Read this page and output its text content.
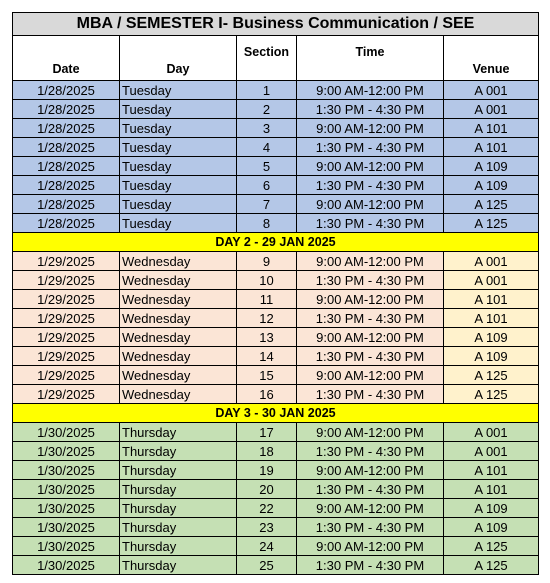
MBA / SEMESTER I- Business Communication / SEE				
Date	Day	Section	Time	Venue
1/28/2025	Tuesday	1	9:00 AM-12:00 PM	A 001
1/28/2025	Tuesday	2	1:30 PM - 4:30 PM	A 001
1/28/2025	Tuesday	3	9:00 AM-12:00 PM	A 101
1/28/2025	Tuesday	4	1:30 PM - 4:30 PM	A 101
1/28/2025	Tuesday	5	9:00 AM-12:00 PM	A 109
1/28/2025	Tuesday	6	1:30 PM - 4:30 PM	A 109
1/28/2025	Tuesday	7	9:00 AM-12:00 PM	A 125
1/28/2025	Tuesday	8	1:30 PM - 4:30 PM	A 125
DAY 2 - 29 JAN 2025				
1/29/2025	Wednesday	9	9:00 AM-12:00 PM	A 001
1/29/2025	Wednesday	10	1:30 PM - 4:30 PM	A 001
1/29/2025	Wednesday	11	9:00 AM-12:00 PM	A 101
1/29/2025	Wednesday	12	1:30 PM - 4:30 PM	A 101
1/29/2025	Wednesday	13	9:00 AM-12:00 PM	A 109
1/29/2025	Wednesday	14	1:30 PM - 4:30 PM	A 109
1/29/2025	Wednesday	15	9:00 AM-12:00 PM	A 125
1/29/2025	Wednesday	16	1:30 PM - 4:30 PM	A 125
DAY 3 - 30 JAN 2025				
1/30/2025	Thursday	17	9:00 AM-12:00 PM	A 001
1/30/2025	Thursday	18	1:30 PM - 4:30 PM	A 001
1/30/2025	Thursday	19	9:00 AM-12:00 PM	A 101
1/30/2025	Thursday	20	1:30 PM - 4:30 PM	A 101
1/30/2025	Thursday	22	9:00 AM-12:00 PM	A 109
1/30/2025	Thursday	23	1:30 PM - 4:30 PM	A 109
1/30/2025	Thursday	24	9:00 AM-12:00 PM	A 125
1/30/2025	Thursday	25	1:30 PM - 4:30 PM	A 125
